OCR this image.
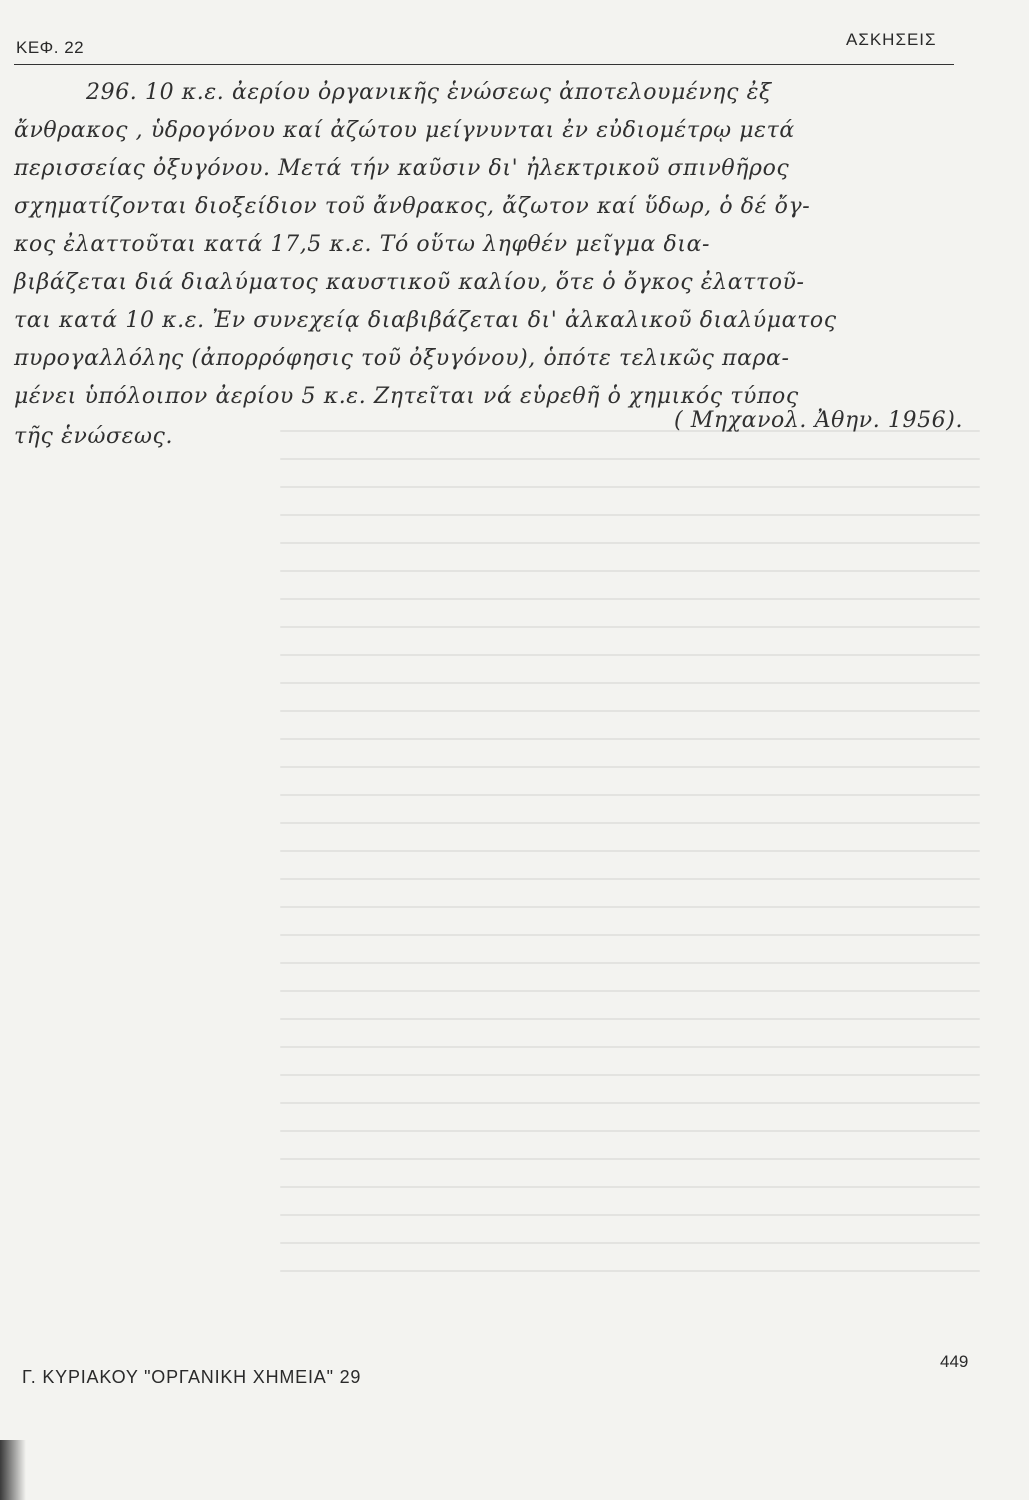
ΚΕΦ. 22	ΑΣΚΗΣΕΙΣ
296. 10 κ.ε. ἀερίου ὀργανικῆς ἑνώσεως ἀποτελουμένης ἐξ
ἄνθρακος , ὑδρογόνου καί ἀζώτου μείγνυνται ἐν εὐδιομέτρῳ μετά
περισσείας ὀξυγόνου. Μετά τήν καῦσιν δι' ἠλεκτρικοῦ σπινθῆρος
σχηματίζονται διοξείδιον τοῦ ἄνθρακος, ἄζωτον καί ὕδωρ, ὁ δέ ὄγ-
κος ἐλαττοῦται κατά 17,5 κ.ε. Τό οὕτω ληφθέν μεῖγμα δια-
βιβάζεται διά διαλύματος καυστικοῦ καλίου, ὅτε ὁ ὄγκος ἐλαττοῦ-
ται κατά 10 κ.ε. Ἐν συνεχείᾳ διαβιβάζεται δι' ἀλκαλικοῦ διαλύματος
πυρογαλλόλης (ἀπορρόφησις τοῦ ὀξυγόνου), ὁπότε τελικῶς παρα-
μένει ὑπόλοιπον ἀερίου 5 κ.ε. Ζητεῖται νά εὑρεθῆ ὁ χημικός τύπος
τῆς ἑνώσεως.
( Μηχανολ. Ἀθην. 1956).
Γ. ΚΥΡΙΑΚΟΥ "ΟΡΓΑΝΙΚΗ ΧΗΜΕΙΑ" 29
449
